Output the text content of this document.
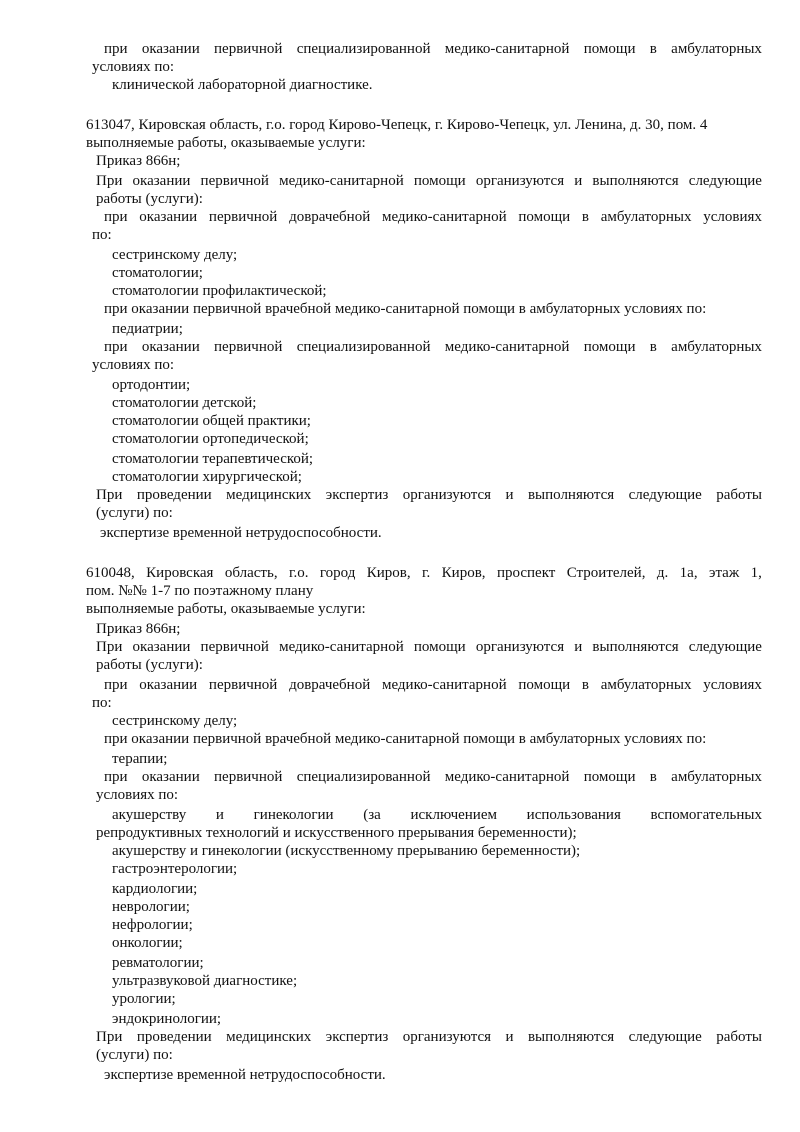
при оказании первичной специализированной медико-санитарной помощи в амбулаторных
условиях по:
клинической лабораторной диагностике.
613047, Кировская область, г.о. город Кирово-Чепецк, г. Кирово-Чепецк, ул. Ленина, д. 30, пом. 4
выполняемые работы, оказываемые услуги:
Приказ 866н;
При оказании первичной медико-санитарной помощи организуются и выполняются следующие
работы (услуги):
при оказании первичной доврачебной медико-санитарной помощи в амбулаторных условиях
по:
сестринскому делу;
стоматологии;
стоматологии профилактической;
при оказании первичной врачебной медико-санитарной помощи в амбулаторных условиях по:
педиатрии;
при оказании первичной специализированной медико-санитарной помощи в амбулаторных
условиях по:
ортодонтии;
стоматологии детской;
стоматологии общей практики;
стоматологии ортопедической;
стоматологии терапевтической;
стоматологии хирургической;
При проведении медицинских экспертиз организуются и выполняются следующие работы
(услуги) по:
экспертизе временной нетрудоспособности.
610048, Кировская область, г.о. город Киров, г. Киров, проспект Строителей, д. 1а, этаж 1,
пом. №№ 1-7 по поэтажному плану
выполняемые работы, оказываемые услуги:
Приказ 866н;
При оказании первичной медико-санитарной помощи организуются и выполняются следующие
работы (услуги):
при оказании первичной доврачебной медико-санитарной помощи в амбулаторных условиях
по:
сестринскому делу;
при оказании первичной врачебной медико-санитарной помощи в амбулаторных условиях по:
терапии;
при оказании первичной специализированной медико-санитарной помощи в амбулаторных
условиях по:
акушерству и гинекологии (за исключением использования вспомогательных
репродуктивных технологий и искусственного прерывания беременности);
акушерству и гинекологии (искусственному прерыванию беременности);
гастроэнтерологии;
кардиологии;
неврологии;
нефрологии;
онкологии;
ревматологии;
ультразвуковой диагностике;
урологии;
эндокринологии;
При проведении медицинских экспертиз организуются и выполняются следующие работы
(услуги) по:
экспертизе временной нетрудоспособности.
